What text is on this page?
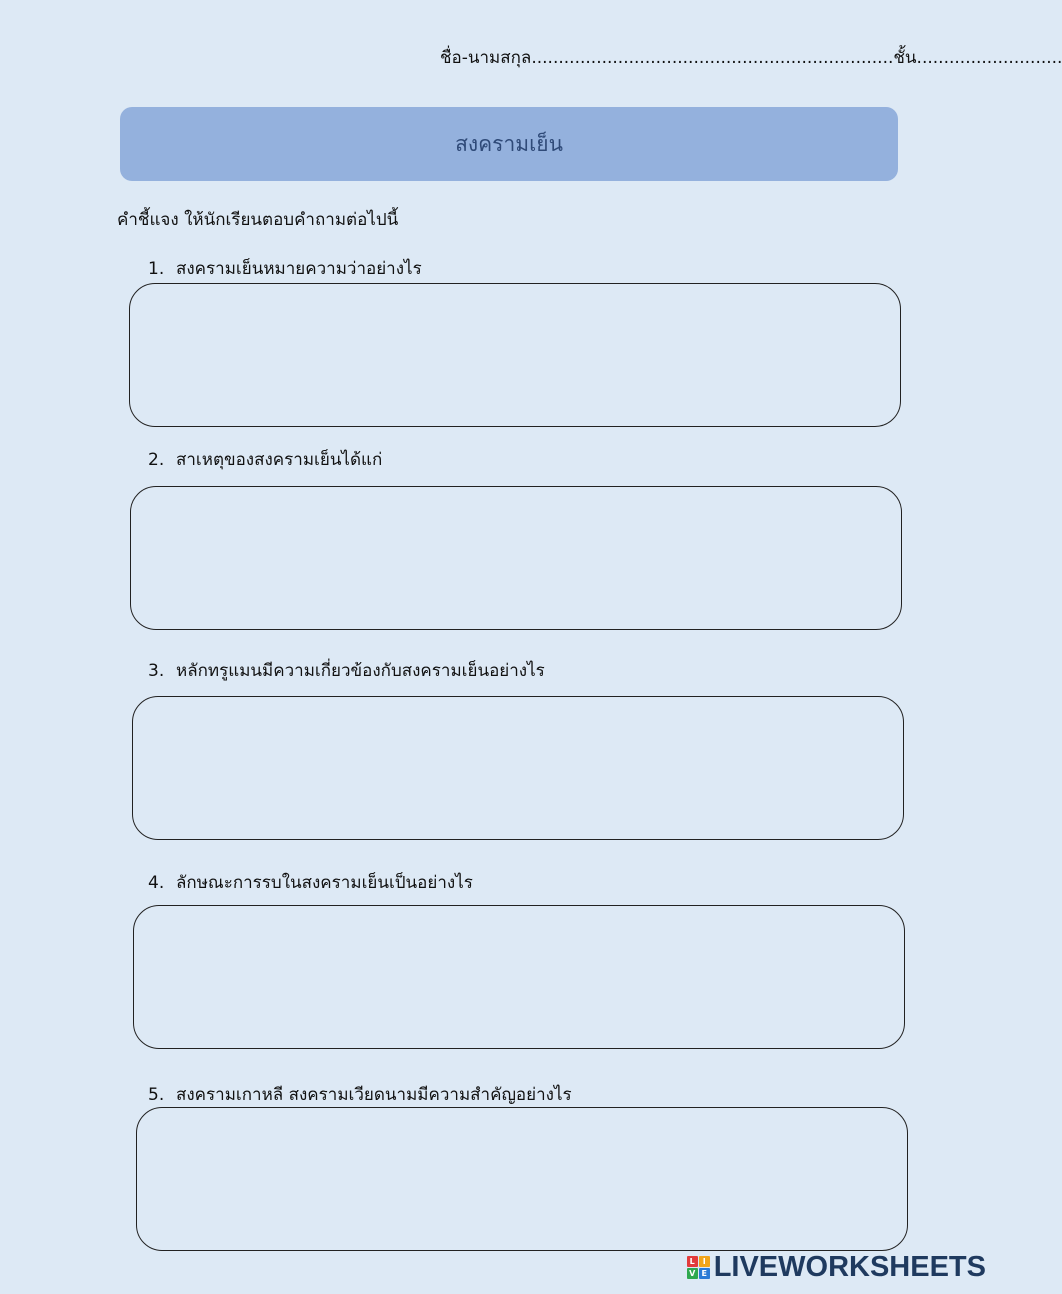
ชื่อ-นามสกุล...................................................................ชั้น...........................
สงครามเย็น
คำชี้แจง ให้นักเรียนตอบคำถามต่อไปนี้
1. สงครามเย็นหมายความว่าอย่างไร
2. สาเหตุของสงครามเย็นได้แก่
3. หลักทรูแมนมีความเกี่ยวข้องกับสงครามเย็นอย่างไร
4. ลักษณะการรบในสงครามเย็นเป็นอย่างไร
5. สงครามเกาหลี สงครามเวียดนามมีความสำคัญอย่างไร
L I
V E LIVEWORKSHEETS
